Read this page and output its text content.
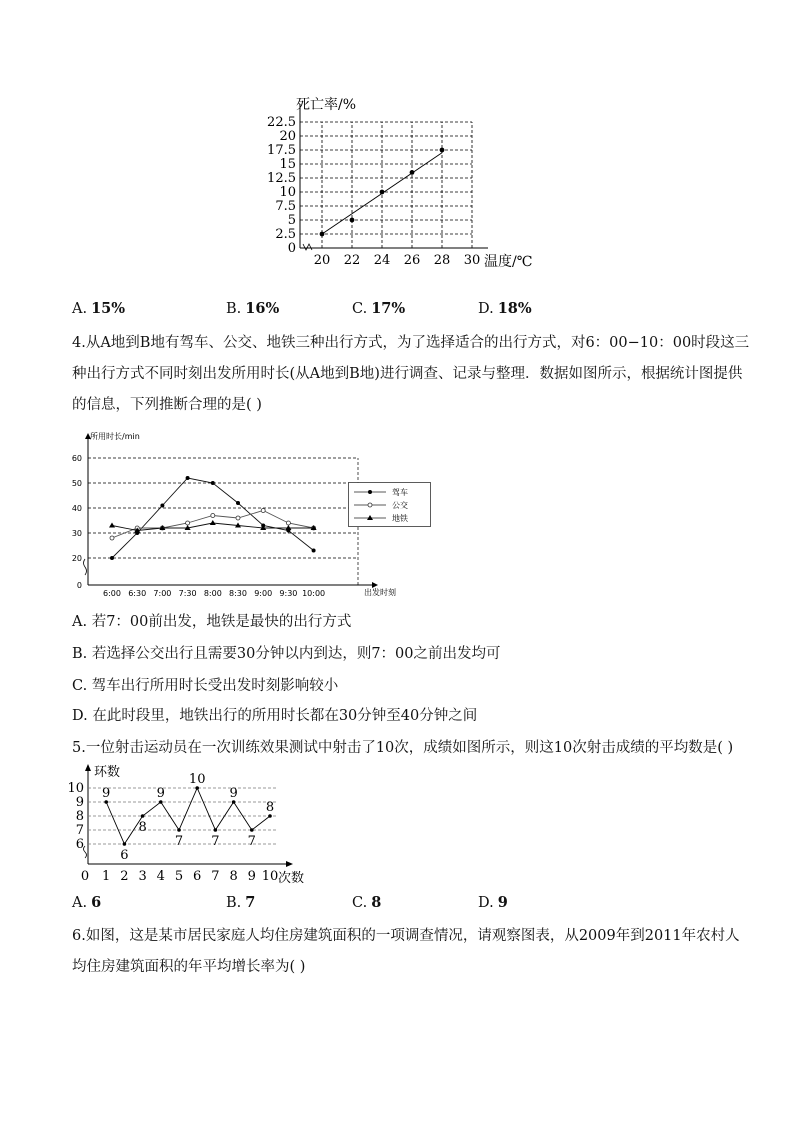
死亡率/%
22.5
20
17.5
15
12.5
10
7.5
5
2.5
0
20 22 24 26 28 30 温度/℃
A. 15%	B. 16%	C. 17%	D. 18%
4.从A地到B地有驾车、公交、地铁三种出行方式，为了选择适合的出行方式，对6：00−10：00时段这三
种出行方式不同时刻出发所用时长(从A地到B地)进行调查、记录与整理．数据如图所示，根据统计图提供
的信息，下列推断合理的是( )
所用时长/min
60
50
40
30
20
0
6:00 6:30 7:00 7:30 8:00 8:30 9:00 9:30 10:00	出发时刻
驾车
公交
地铁
A. 若7：00前出发，地铁是最快的出行方式
B. 若选择公交出行且需要30分钟以内到达，则7：00之前出发均可
C. 驾车出行所用时长受出发时刻影响较小
D. 在此时段里，地铁出行的所用时长都在30分钟至40分钟之间
5.一位射击运动员在一次训练效果测试中射击了10次，成绩如图所示，则这10次射击成绩的平均数是( )
环数
10
9
8
7
6
0 1 2 3 4 5 6 7 8 9 10
9
6
8
9
7
10
7
9
7
8
次数
A. 6	B. 7	C. 8	D. 9
6.如图，这是某市居民家庭人均住房建筑面积的一项调查情况，请观察图表，从2009年到2011年农村人
均住房建筑面积的年平均增长率为( )
